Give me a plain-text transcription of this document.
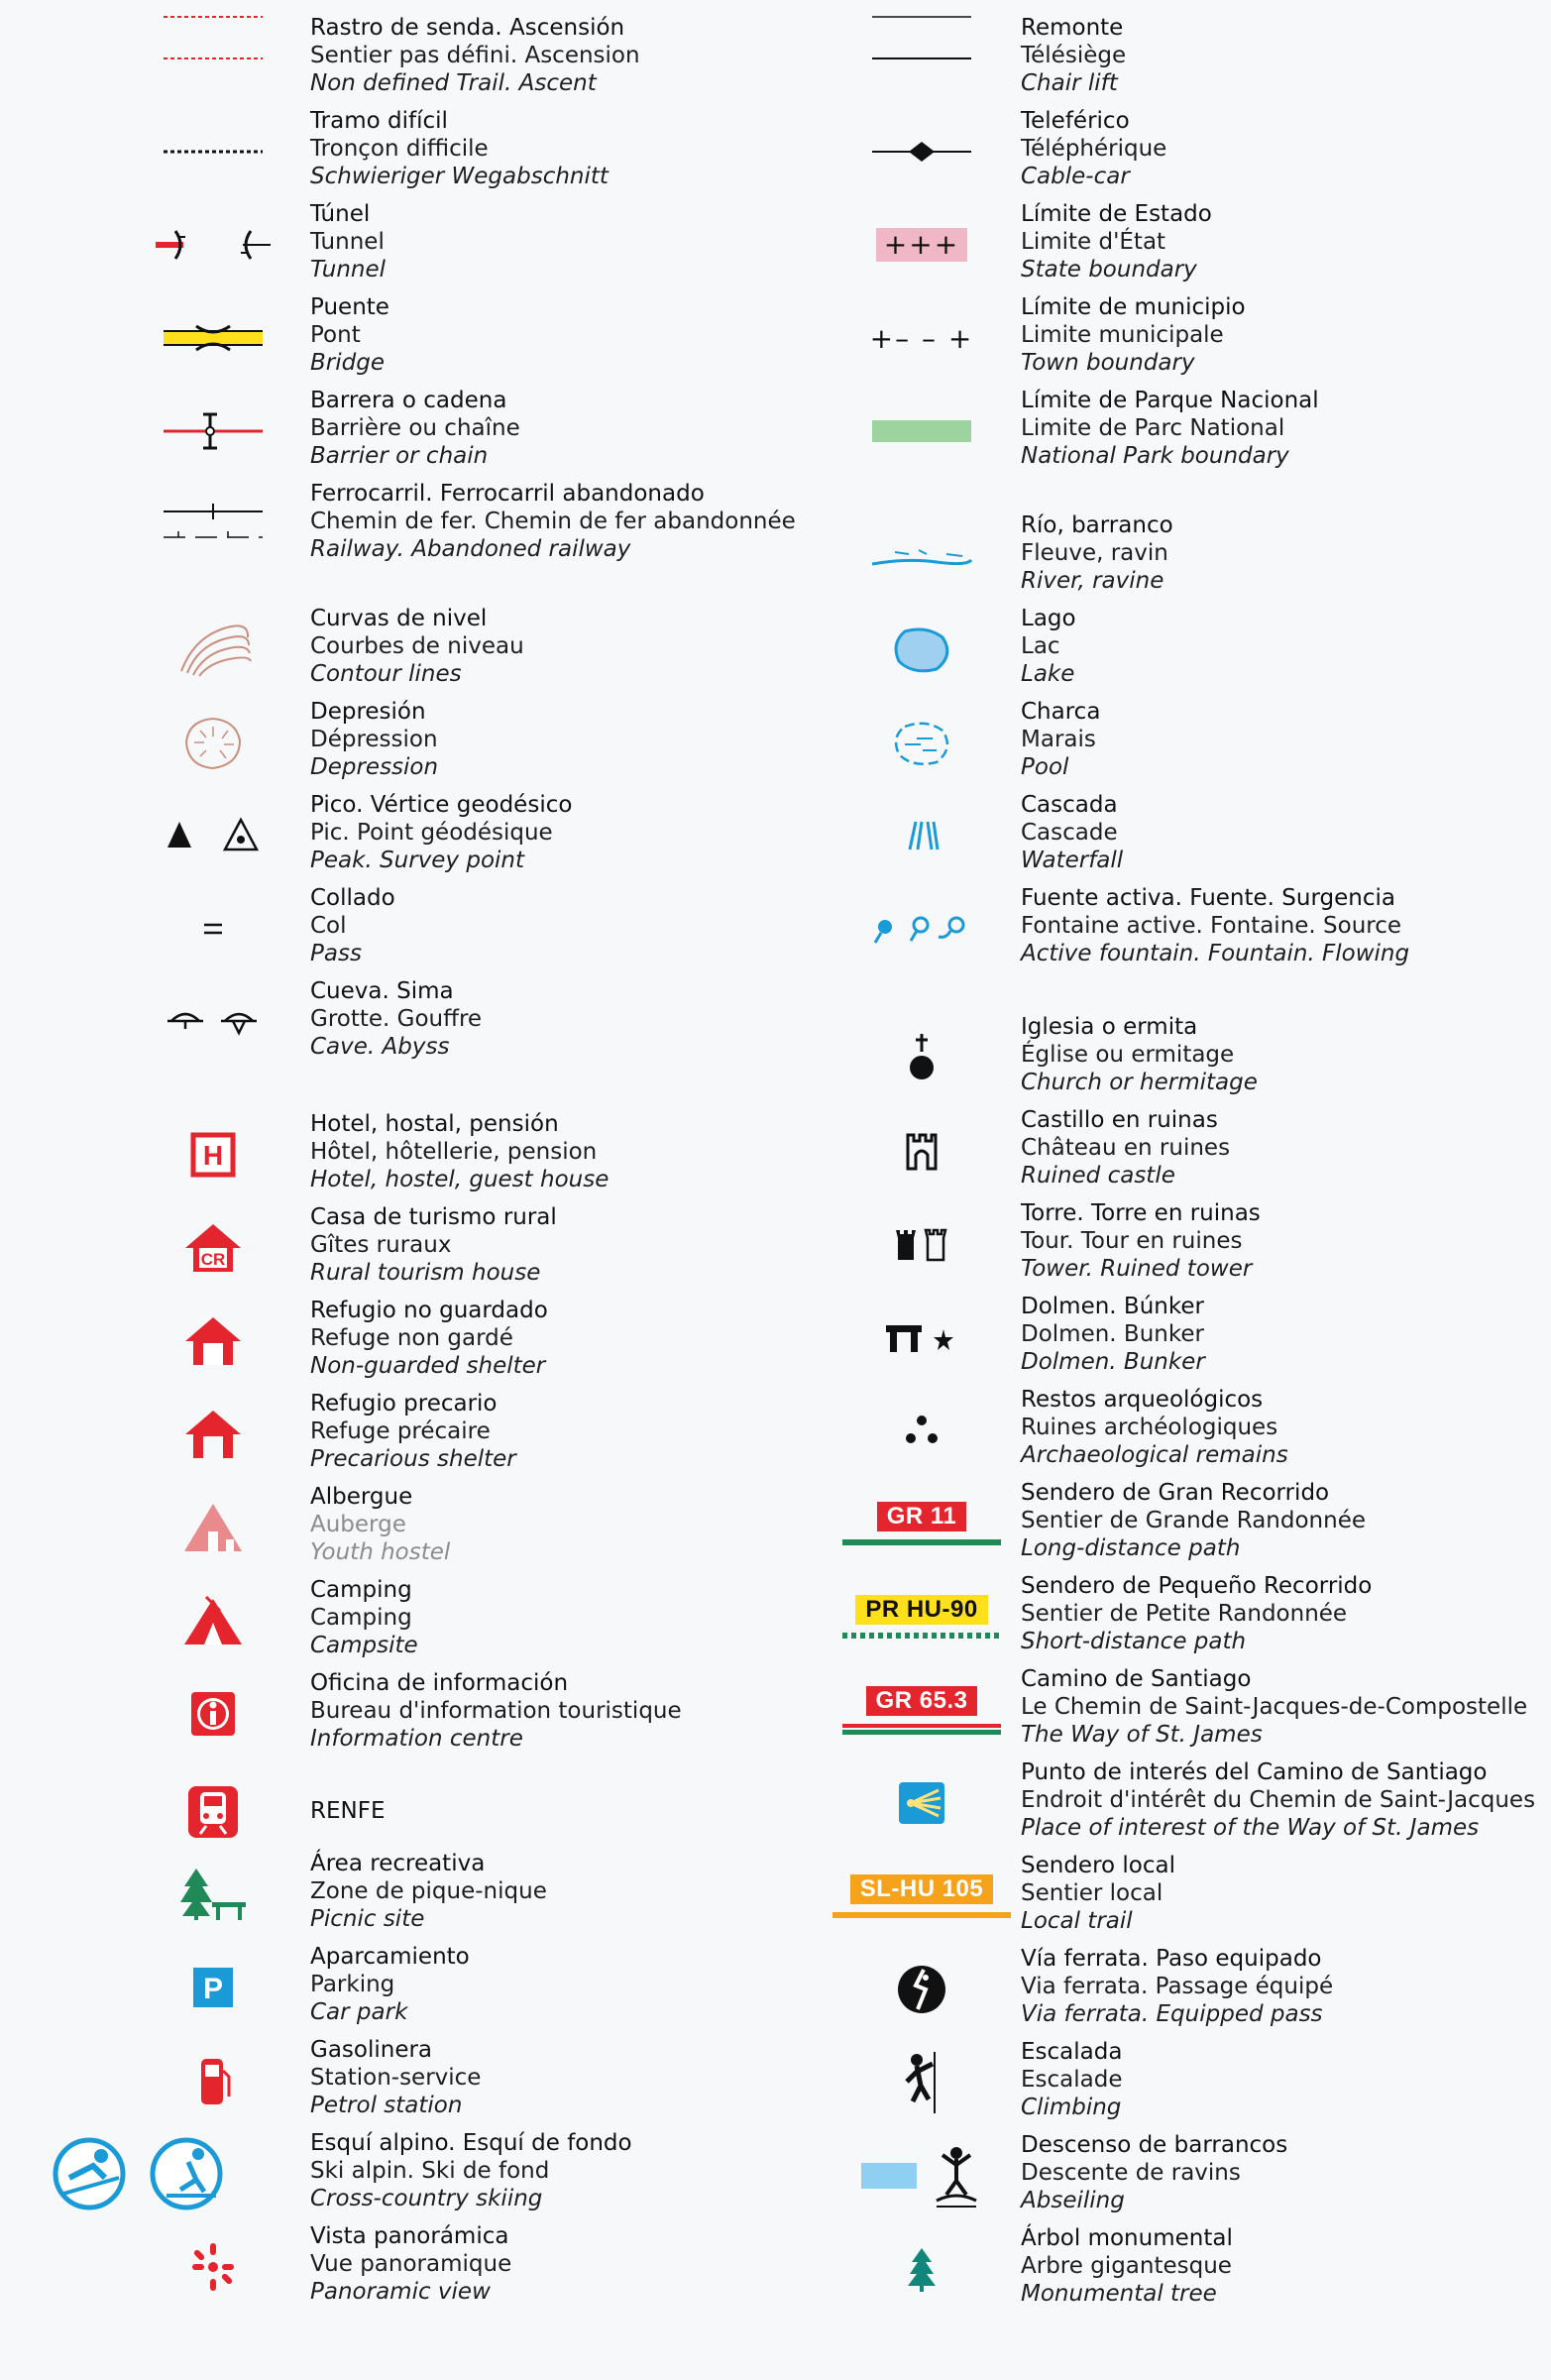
Rastro de senda. Ascensión
Sentier pas défini. Ascension
Non defined Trail. Ascent
Tramo difícil
Tronçon difficile
Schwieriger Wegabschnitt
Túnel
Tunnel
Tunnel
Puente
Pont
Bridge
Barrera o cadena
Barrière ou chaîne
Barrier or chain
Ferrocarril. Ferrocarril abandonado
Chemin de fer. Chemin de fer abandonnée
Railway. Abandoned railway
Curvas de nivel
Courbes de niveau
Contour lines
Depresión
Dépression
Depression
Pico. Vértice geodésico
Pic. Point géodésique
Peak. Survey point
Collado
Col
Pass
Cueva. Sima
Grotte. Gouffre
Cave. Abyss
H
Hotel, hostal, pensión
Hôtel, hôtellerie, pension
Hotel, hostel, guest house
CR
Casa de turismo rural
Gîtes ruraux
Rural tourism house
Refugio no guardado
Refuge non gardé
Non-guarded shelter
Refugio precario
Refuge précaire
Precarious shelter
Albergue
Auberge
Youth hostel
Camping
Camping
Campsite
Oficina de información
Bureau d'information touristique
Information centre
RENFE
Área recreativa
Zone de pique-nique
Picnic site
P
Aparcamiento
Parking
Car park
Gasolinera
Station-service
Petrol station
Esquí alpino. Esquí de fondo
Ski alpin. Ski de fond
Cross-country skiing
Vista panorámica
Vue panoramique
Panoramic view
Remonte
Télésiège
Chair lift
Teleférico
Téléphérique
Cable-car
+++
Límite de Estado
Limite d'État
State boundary
+– – +
Límite de municipio
Limite municipale
Town boundary
Límite de Parque Nacional
Limite de Parc National
National Park boundary
Río, barranco
Fleuve, ravin
River, ravine
Lago
Lac
Lake
Charca
Marais
Pool
Cascada
Cascade
Waterfall
Fuente activa. Fuente. Surgencia
Fontaine active. Fontaine. Source
Active fountain. Fountain. Flowing
Iglesia o ermita
Église ou ermitage
Church or hermitage
Castillo en ruinas
Château en ruines
Ruined castle
Torre. Torre en ruinas
Tour. Tour en ruines
Tower. Ruined tower
Dolmen. Búnker
Dolmen. Bunker
Dolmen. Bunker
Restos arqueológicos
Ruines archéologiques
Archaeological remains
GR 11
Sendero de Gran Recorrido
Sentier de Grande Randonnée
Long-distance path
PR HU-90
Sendero de Pequeño Recorrido
Sentier de Petite Randonnée
Short-distance path
GR 65.3
Camino de Santiago
Le Chemin de Saint-Jacques-de-Compostelle
The Way of St. James
Punto de interés del Camino de Santiago
Endroit d'intérêt du Chemin de Saint-Jacques
Place of interest of the Way of St. James
SL-HU 105
Sendero local
Sentier local
Local trail
Vía ferrata. Paso equipado
Via ferrata. Passage équipé
Via ferrata. Equipped pass
Escalada
Escalade
Climbing
Descenso de barrancos
Descente de ravins
Abseiling
Árbol monumental
Arbre gigantesque
Monumental tree
